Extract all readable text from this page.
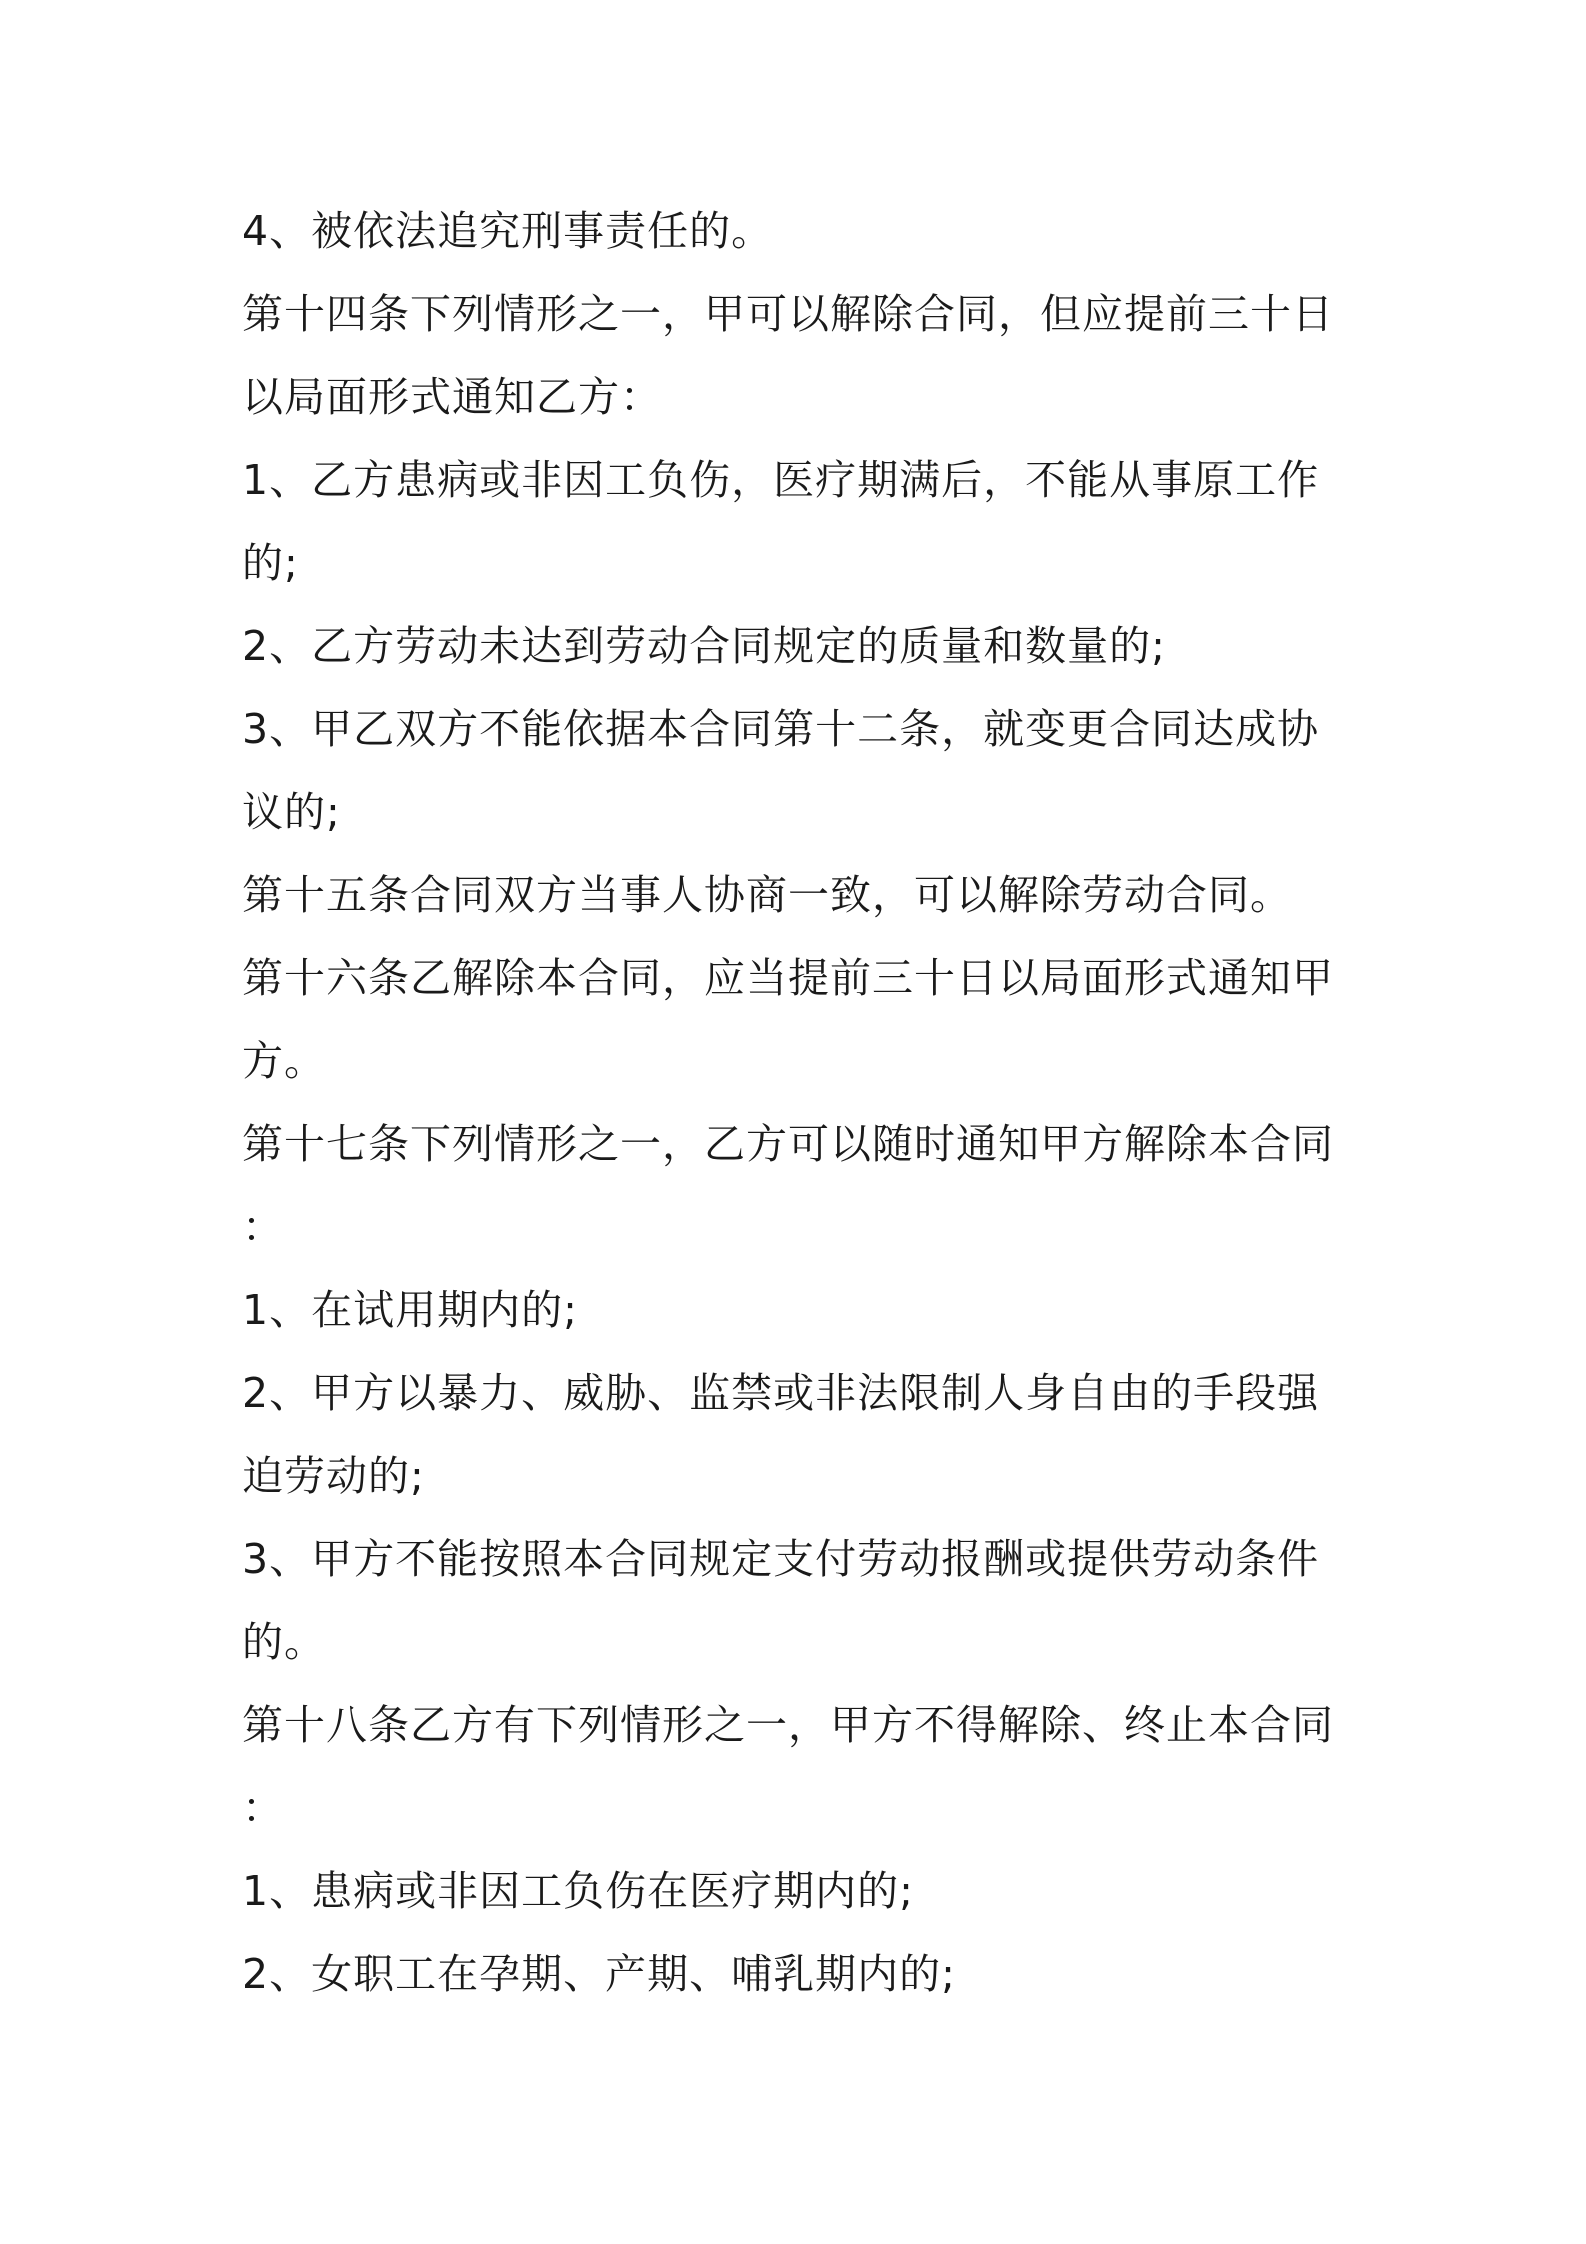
4、被依法追究刑事责任的。
第十四条下列情形之一，甲可以解除合同，但应提前三十日
以局面形式通知乙方：
1、乙方患病或非因工负伤，医疗期满后，不能从事原工作
的;
2、乙方劳动未达到劳动合同规定的质量和数量的;
3、甲乙双方不能依据本合同第十二条，就变更合同达成协
议的;
第十五条合同双方当事人协商一致，可以解除劳动合同。
第十六条乙解除本合同，应当提前三十日以局面形式通知甲
方。
第十七条下列情形之一，乙方可以随时通知甲方解除本合同
：
1、在试用期内的;
2、甲方以暴力、威胁、监禁或非法限制人身自由的手段强
迫劳动的;
3、甲方不能按照本合同规定支付劳动报酬或提供劳动条件
的。
第十八条乙方有下列情形之一，甲方不得解除、终止本合同
：
1、患病或非因工负伤在医疗期内的;
2、女职工在孕期、产期、哺乳期内的;
